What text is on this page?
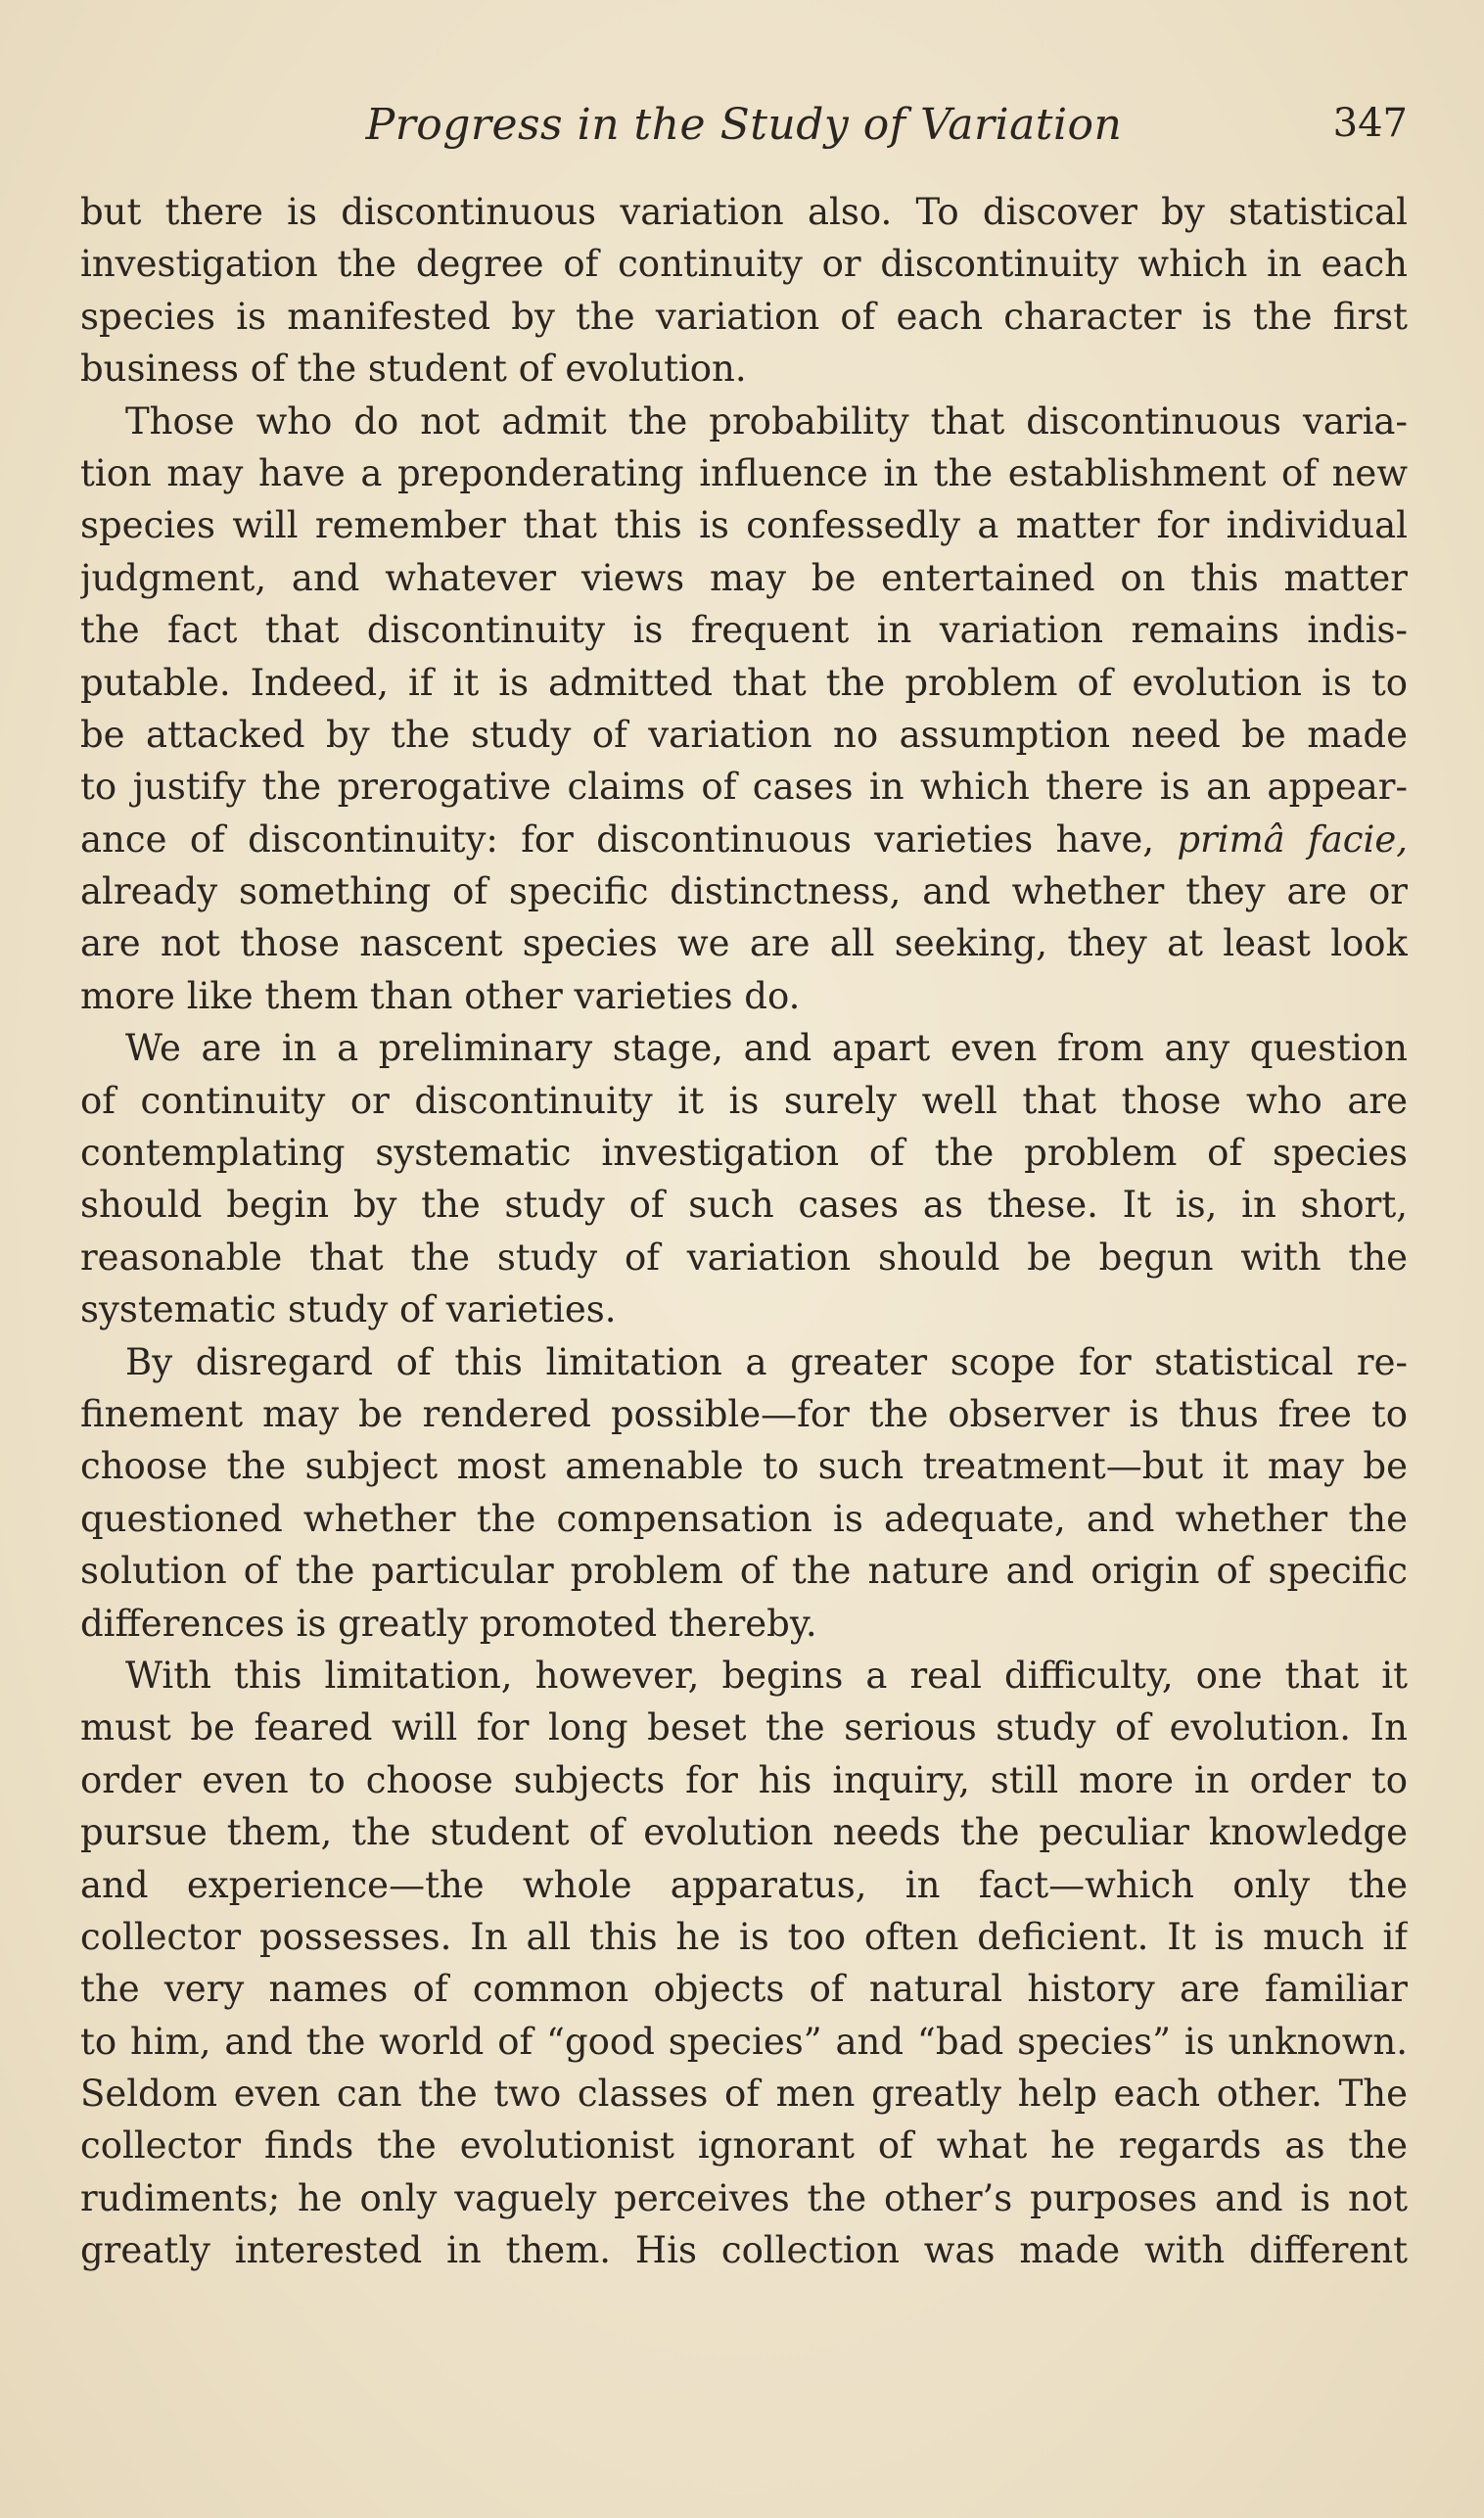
Progress in the Study of Variation	347
but there is discontinuous variation also. To discover by statistical
investigation the degree of continuity or discontinuity which in each
species is manifested by the variation of each character is the first
business of the student of evolution.
Those who do not admit the probability that discontinuous varia-
tion may have a preponderating influence in the establishment of new
species will remember that this is confessedly a matter for individual
judgment, and whatever views may be entertained on this matter
the fact that discontinuity is frequent in variation remains indis-
putable. Indeed, if it is admitted that the problem of evolution is to
be attacked by the study of variation no assumption need be made
to justify the prerogative claims of cases in which there is an appear-
ance of discontinuity: for discontinuous varieties have, primâ facie,
already something of specific distinctness, and whether they are or
are not those nascent species we are all seeking, they at least look
more like them than other varieties do.
We are in a preliminary stage, and apart even from any question
of continuity or discontinuity it is surely well that those who are
contemplating systematic investigation of the problem of species
should begin by the study of such cases as these. It is, in short,
reasonable that the study of variation should be begun with the
systematic study of varieties.
By disregard of this limitation a greater scope for statistical re-
finement may be rendered possible—for the observer is thus free to
choose the subject most amenable to such treatment—but it may be
questioned whether the compensation is adequate, and whether the
solution of the particular problem of the nature and origin of specific
differences is greatly promoted thereby.
With this limitation, however, begins a real difficulty, one that it
must be feared will for long beset the serious study of evolution. In
order even to choose subjects for his inquiry, still more in order to
pursue them, the student of evolution needs the peculiar knowledge
and experience—the whole apparatus, in fact—which only the
collector possesses. In all this he is too often deficient. It is much if
the very names of common objects of natural history are familiar
to him, and the world of “good species” and “bad species” is unknown.
Seldom even can the two classes of men greatly help each other. The
collector finds the evolutionist ignorant of what he regards as the
rudiments; he only vaguely perceives the other’s purposes and is not
greatly interested in them. His collection was made with different
